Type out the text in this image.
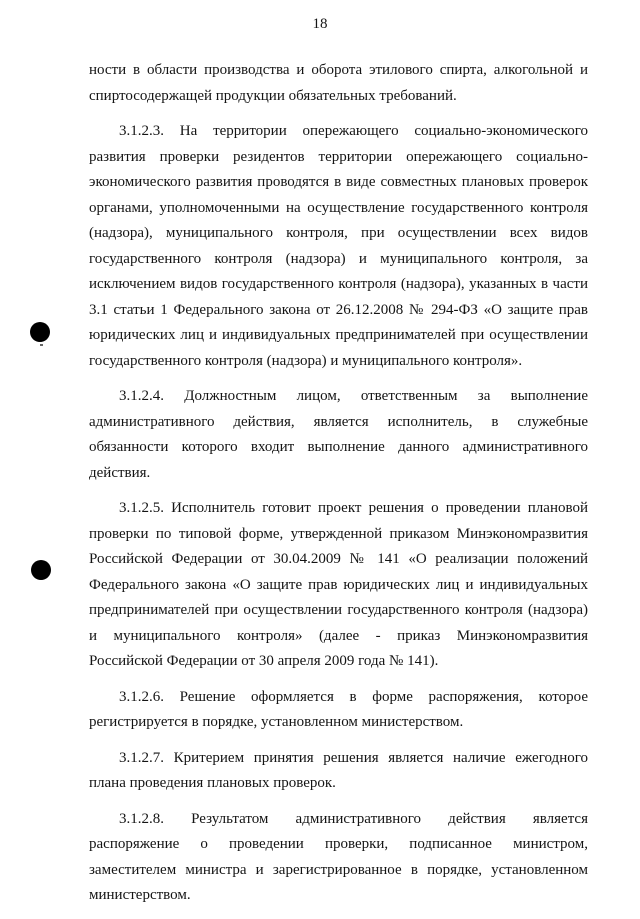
18

ности в области производства и оборота этилового спирта, алкогольной и спиртосодержащей продукции обязательных требований.

3.1.2.3. На территории опережающего социально-экономического развития проверки резидентов территории опережающего социально-экономического развития проводятся в виде совместных плановых проверок органами, уполномоченными на осуществление государственного контроля (надзора), муниципального контроля, при осуществлении всех видов государственного контроля (надзора) и муниципального контроля, за исключением видов государственного контроля (надзора), указанных в части 3.1 статьи 1 Федерального закона от 26.12.2008 № 294-ФЗ «О защите прав юридических лиц и индивидуальных предпринимателей при осуществлении государственного контроля (надзора) и муниципального контроля».

3.1.2.4. Должностным лицом, ответственным за выполнение административного действия, является исполнитель, в служебные обязанности которого входит выполнение данного административного действия.

3.1.2.5. Исполнитель готовит проект решения о проведении плановой проверки по типовой форме, утвержденной приказом Минэкономразвития Российской Федерации от 30.04.2009 № 141 «О реализации положений Федерального закона «О защите прав юридических лиц и индивидуальных предпринимателей при осуществлении государственного контроля (надзора) и муниципального контроля» (далее - приказ Минэкономразвития Российской Федерации от 30 апреля 2009 года № 141).

3.1.2.6. Решение оформляется в форме распоряжения, которое регистрируется в порядке, установленном министерством.

3.1.2.7. Критерием принятия решения является наличие ежегодного плана проведения плановых проверок.

3.1.2.8. Результатом административного действия является распоряжение о проведении проверки, подписанное министром, заместителем министра и зарегистрированное в порядке, установленном министерством.
